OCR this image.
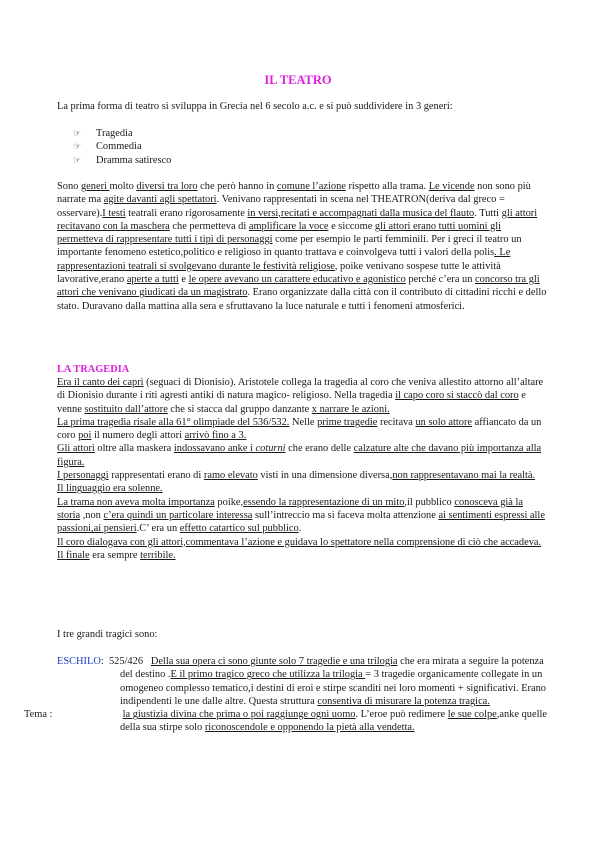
IL TEATRO

La prima forma di teatro si sviluppa in Grecia nel 6 secolo a.c. e si può suddividere in 3 generi:

☞	Tragedia
☞	Commedia
☞	Dramma satiresco

Sono generi molto diversi tra loro che però hanno in comune l’azione rispetto alla trama. Le vicende non sono più narrate ma agite davanti agli spettatori. Venivano rappresentati in scena nel THEATRON(deriva dal greco = osservare).I testi teatrali erano rigorosamente in versi,recitati e accompagnati dalla musica del flauto. Tutti gli attori recitavano con la maschera che permetteva di amplificare la voce e siccome gli attori erano tutti uomini gli permetteva di rappresentare tutti i tipi di personaggi come per esempio le parti femminili. Per i greci il teatro un importante fenomeno estetico,politico e religioso in quanto trattava e coinvolgeva tutti i valori della polis. Le rappresentazioni teatrali si svolgevano durante le festività religiose, poike venivano sospese tutte le attività lavorative,erano aperte a tutti e le opere avevano un carattere educativo e agonistico perché c’era un concorso tra gli attori che venivano giudicati da un magistrato. Erano organizzate dalla città con il contributo di cittadini ricchi e dello stato. Duravano dalla mattina alla sera e sfruttavano la luce naturale e tutti i fenomeni atmosferici.

LA TRAGEDIA

Era il canto dei capri (seguaci di Dionisio). Aristotele collega la tragedia al coro che veniva allestito attorno all’altare di Dionisio durante i riti agresti antiki di natura magico- religioso. Nella tragedia il capo coro si staccò dal coro e venne sostituito dall’attore che si stacca dal gruppo danzante x narrare le azioni.

La prima tragedia risale alla 61° olimpiade del 536/532. Nelle prime tragedie recitava un solo attore affiancato da un coro poi il numero degli attori arrivò fino a 3.

Gli attori oltre alla maskera indossavano anke i coturni che erano delle calzature alte che davano più importanza alla figura.

I personaggi rappresentati erano di ramo elevato visti in una dimensione diversa,non rappresentavano mai la realtà.

Il linguaggio era solenne.

La trama non aveva molta importanza poike,essendo la rappresentazione di un mito,il pubblico conosceva già la storia ,non c’era quindi un particolare interessa sull’intreccio ma si faceva molta attenzione ai sentimenti espressi alle passioni,ai pensieri.C’ era un effetto catartico sul pubblico.

Il coro dialogava con gli attori,commentava l’azione e guidava lo spettatore nella comprensione di ciò che accadeva.

Il finale era sempre terribile.

I tre grandi tragici sono:

ESCHILO:  525/426   Della sua opera ci sono giunte solo 7 tragedie e una trilogia che era mirata a seguire la potenza del destino .E il primo tragico greco che utilizza la trilogia = 3 tragedie organicamente collegate in un omogeneo complesso tematico,i destini di eroi e stirpe scanditi nei loro momenti + significativi. Erano indipendenti le une dalle altre. Questa struttura consentiva di misurare la potenza tragica.

Tema :	la giustizia divina che prima o poi raggiunge ogni uomo. L’eroe può redimere le sue colpe,anke quelle della sua stirpe solo riconoscendole e opponendo la pietà alla vendetta.
